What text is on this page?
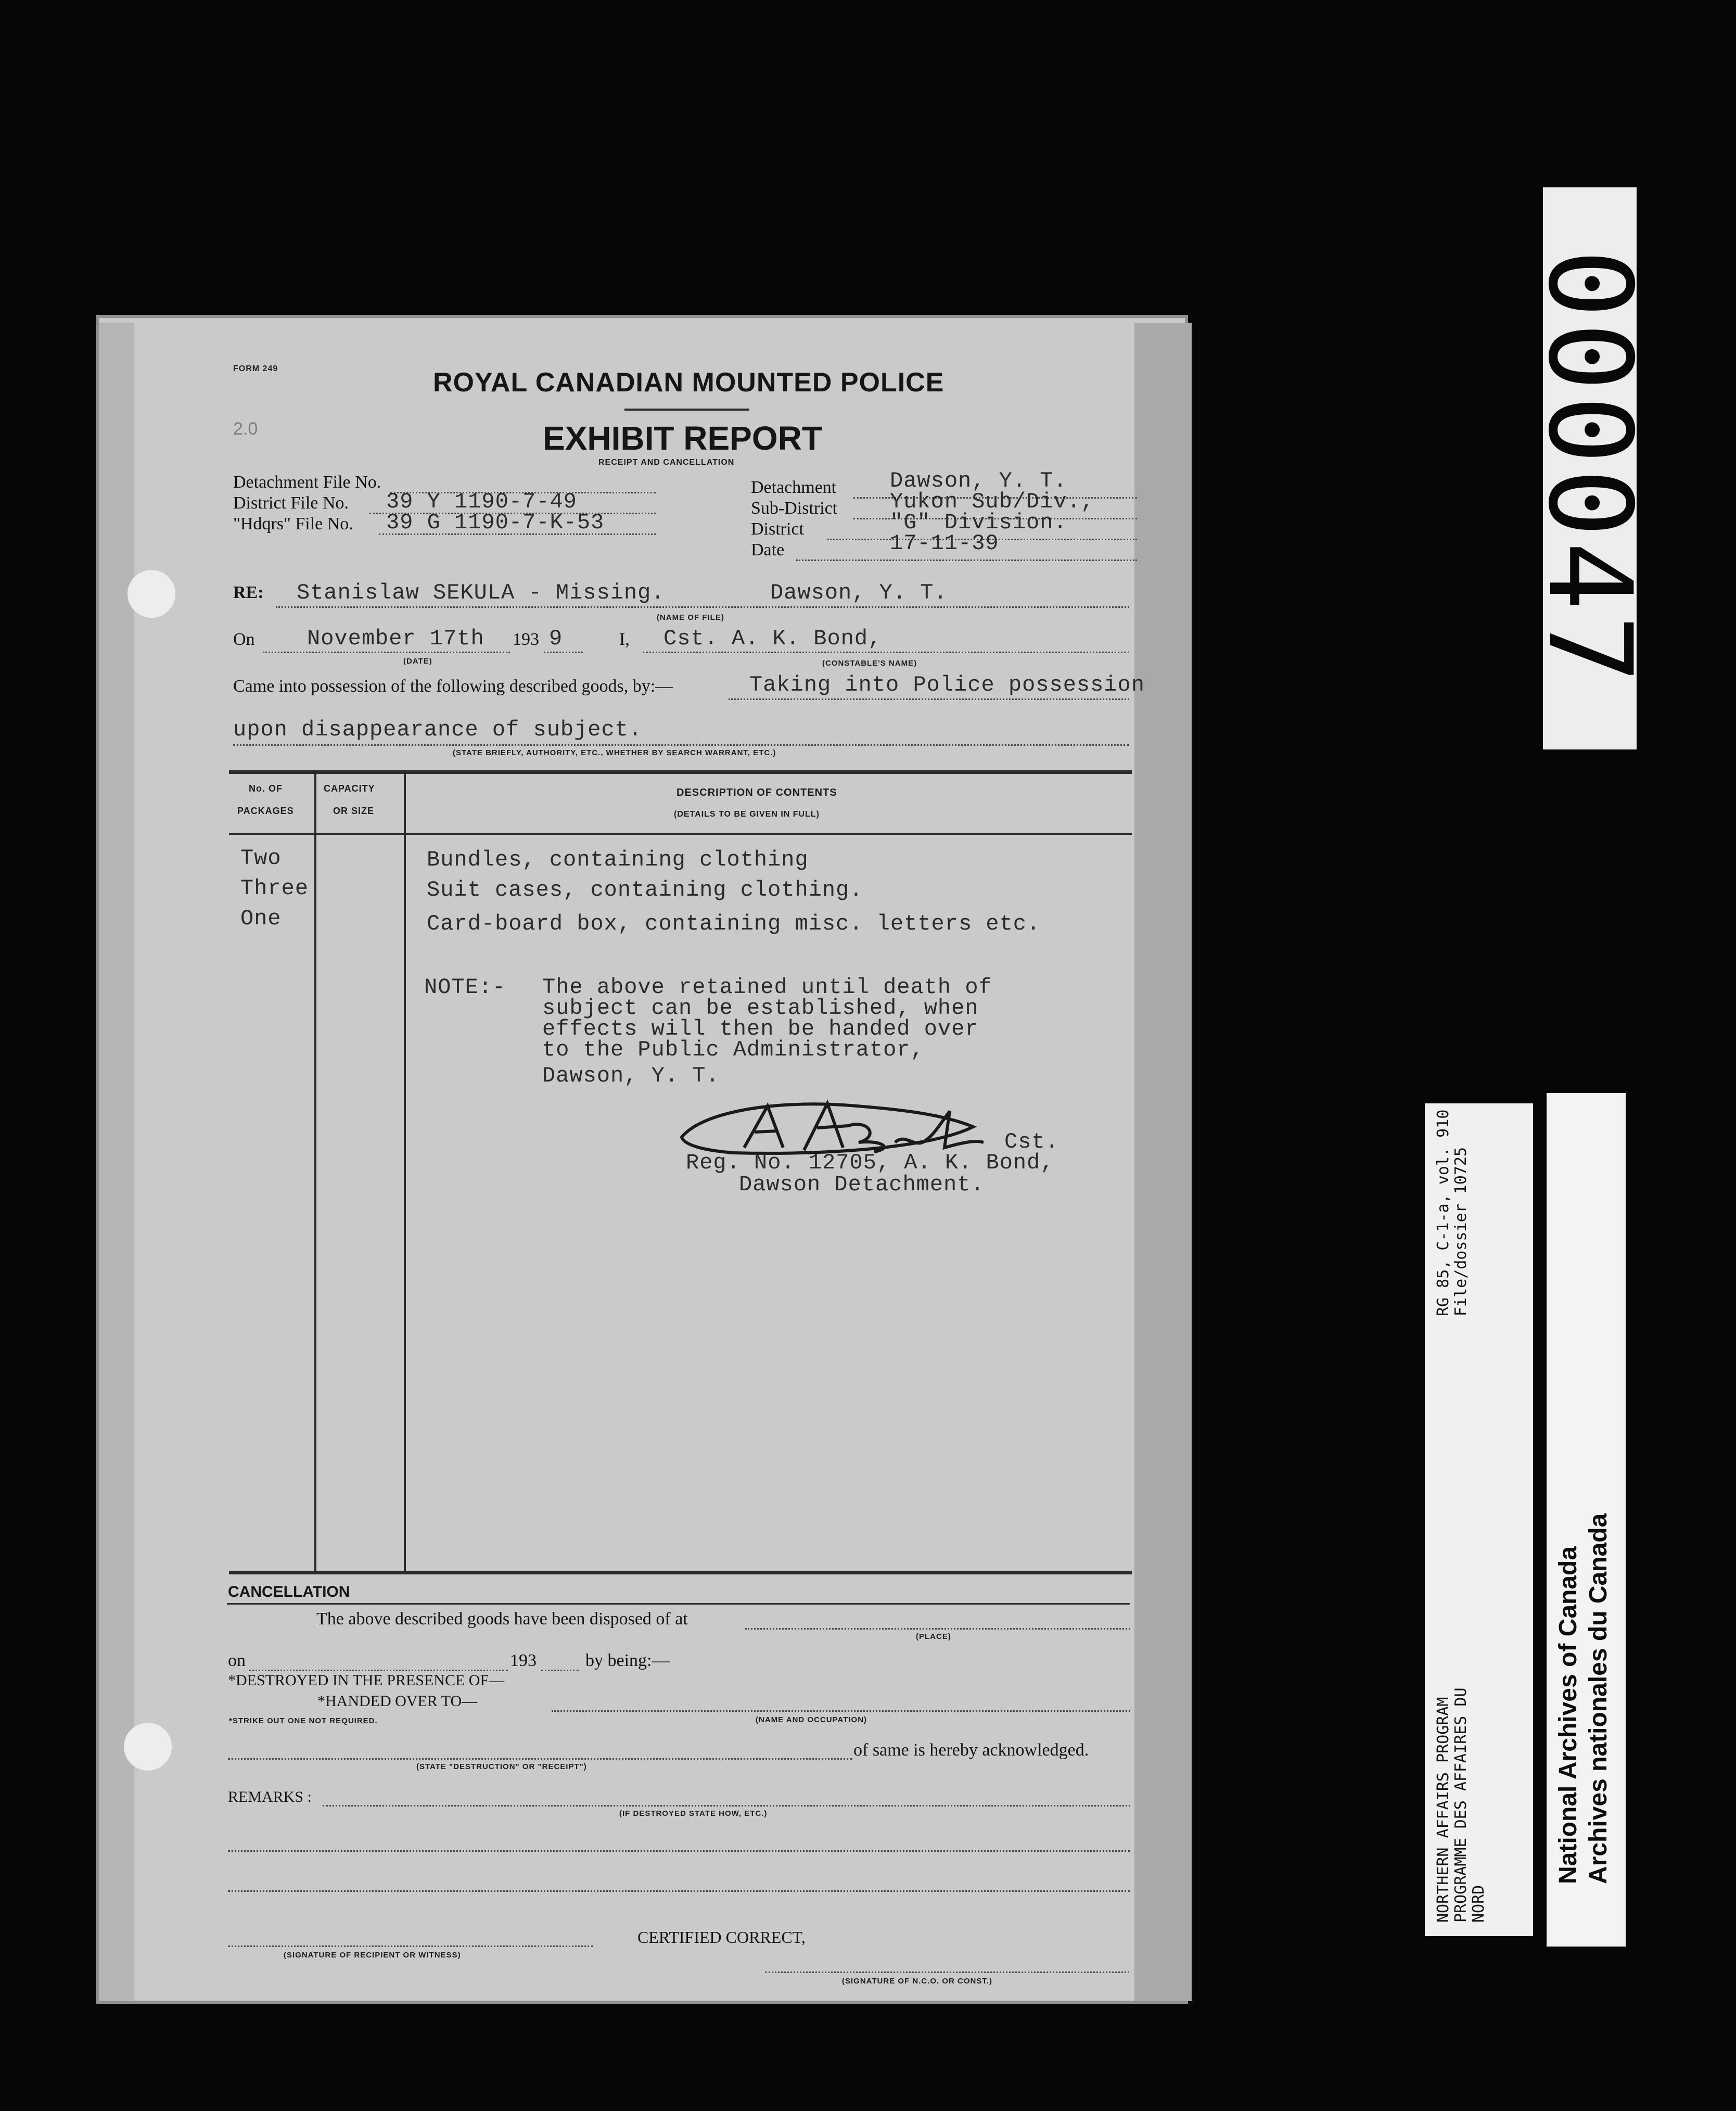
FORM 249	ROYAL CANADIAN MOUNTED POLICE
2.0	EXHIBIT REPORT
RECEIPT AND CANCELLATION
Detachment File No.
District File No. 39 Y 1190-7-49
"Hdqrs" File No. 39 G 1190-7-K-53
Detachment Dawson, Y. T.
Sub-District Yukon Sub/Div.,
District	"G" Division.
Date	17-11-39
RE: Stanislaw SEKULA - Missing.	Dawson, Y. T.
(NAME OF FILE)
On November 17th 193 9	I, Cst. A. K. Bond,
(DATE)	(CONSTABLE'S NAME)
Came into possession of the following described goods, by:—	Taking into Police possession
upon disappearance of subject.
(STATE BRIEFLY, AUTHORITY, ETC., WHETHER BY SEARCH WARRANT, ETC.)
No. OF
PACKAGES
CAPACITY
OR SIZE
DESCRIPTION OF CONTENTS
(DETAILS TO BE GIVEN IN FULL)
Two	Bundles, containing clothing
Three	Suit cases, containing clothing.
One	Card-board box, containing misc. letters etc.
NOTE:- The above retained until death of
subject can be established, when
effects will then be handed over
to the Public Administrator,
Dawson, Y. T.
Cst.
Reg. No. 12705, A. K. Bond,
Dawson Detachment.
CANCELLATION
The above described goods have been disposed of at
(PLACE)
on	193	by being:—
*DESTROYED IN THE PRESENCE OF—
*HANDED OVER TO—
*STRIKE OUT ONE NOT REQUIRED.	(NAME AND OCCUPATION)
of same is hereby acknowledged.
(STATE "DESTRUCTION" OR "RECEIPT")
REMARKS :
(IF DESTROYED STATE HOW, ETC.)
CERTIFIED CORRECT,
(SIGNATURE OF RECIPIENT OR WITNESS)
(SIGNATURE OF N.C.O. OR CONST.)
000047
NORTHERN AFFAIRS PROGRAM PROGRAMME DES AFFAIRES DU NORD
RG 85, C-1-a, vol. 910 File/dossier 10725
National Archives of Canada Archives nationales du Canada
